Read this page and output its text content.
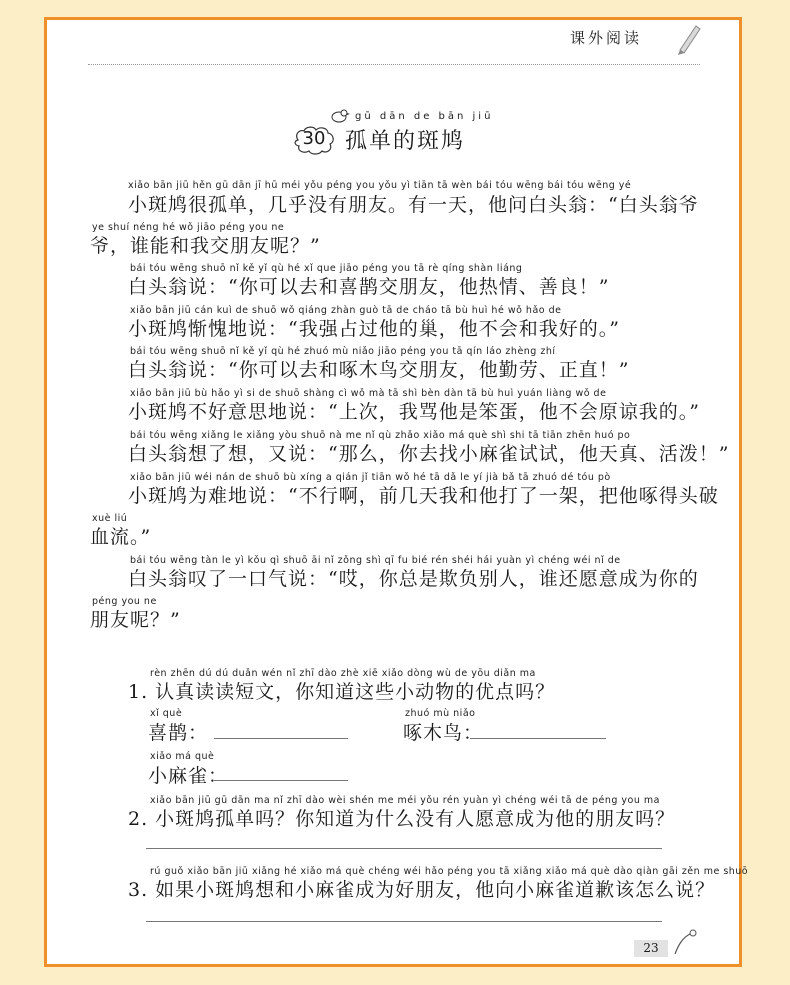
课外阅读
30
gū dān de bān jiū
孤单的斑鸠
xiǎo bān jiū hěn gū dān jī hū méi yǒu péng you yǒu yì tiān tā wèn bái tóu wēng bái tóu wēng yé
小斑鸠很孤单，几乎没有朋友。有一天，他问白头翁：“白头翁爷
ye shuí néng hé wǒ jiāo péng you ne
爷，谁能和我交朋友呢？”
bái tóu wēng shuō nǐ kě yǐ qù hé xǐ que jiāo péng you tā rè qíng shàn liáng
白头翁说：“你可以去和喜鹊交朋友，他热情、善良！”
xiǎo bān jiū cán kuì de shuō wǒ qiáng zhàn guò tā de cháo tā bù huì hé wǒ hǎo de
小斑鸠惭愧地说：“我强占过他的巢，他不会和我好的。”
bái tóu wēng shuō nǐ kě yǐ qù hé zhuó mù niǎo jiāo péng you tā qín láo zhèng zhí
白头翁说：“你可以去和啄木鸟交朋友，他勤劳、正直！”
xiǎo bān jiū bù hǎo yì si de shuō shàng cì wǒ mà tā shì bèn dàn tā bù huì yuán liàng wǒ de
小斑鸠不好意思地说：“上次，我骂他是笨蛋，他不会原谅我的。”
bái tóu wēng xiǎng le xiǎng yòu shuō nà me nǐ qù zhǎo xiǎo má què shì shi tā tiān zhēn huó po
白头翁想了想，又说：“那么，你去找小麻雀试试，他天真、活泼！”
xiǎo bān jiū wéi nán de shuō bù xíng a qián jǐ tiān wǒ hé tā dǎ le yí jià bǎ tā zhuó dé tóu pò
小斑鸠为难地说：“不行啊，前几天我和他打了一架，把他啄得头破
xuè liú
血流。”
bái tóu wēng tàn le yì kǒu qì shuō āi nǐ zǒng shì qī fu bié rén shéi hái yuàn yì chéng wéi nǐ de
白头翁叹了一口气说：“哎，你总是欺负别人，谁还愿意成为你的
péng you ne
朋友呢？”
rèn zhēn dú dú duǎn wén nǐ zhī dào zhè xiē xiǎo dòng wù de yōu diǎn ma
1. 认真读读短文，你知道这些小动物的优点吗？
xǐ què
喜鹊：
zhuó mù niǎo
啄木鸟：
xiǎo má què
小麻雀：
xiǎo bān jiū gū dān ma nǐ zhī dào wèi shén me méi yǒu rén yuàn yì chéng wéi tā de péng you ma
2. 小斑鸠孤单吗？你知道为什么没有人愿意成为他的朋友吗？
rú guǒ xiǎo bān jiū xiǎng hé xiǎo má què chéng wéi hǎo péng you tā xiǎng xiǎo má què dào qiàn gāi zěn me shuō
3. 如果小斑鸠想和小麻雀成为好朋友，他向小麻雀道歉该怎么说？
23
